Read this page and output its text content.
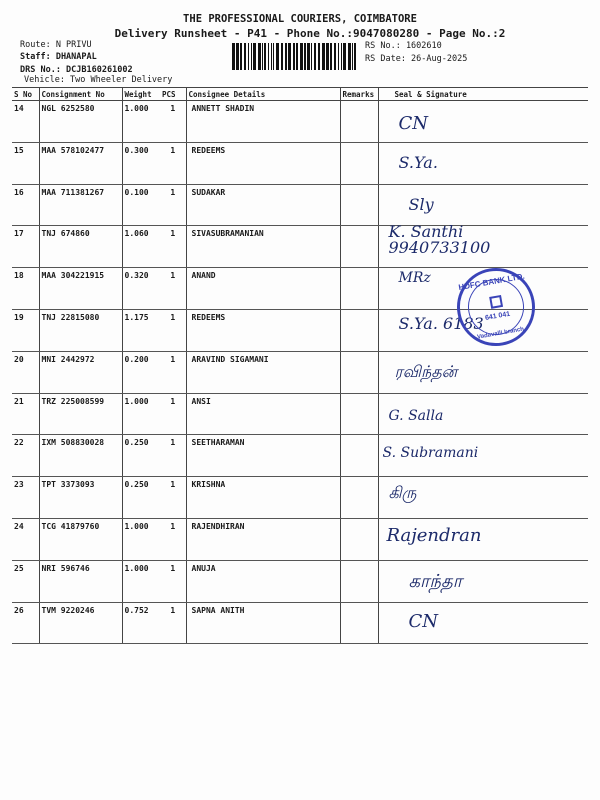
THE PROFESSIONAL COURIERS, COIMBATORE
Delivery Runsheet - P41 - Phone No.:9047080280 - Page No.:2
Route: N PRIVU
Staff: DHANAPAL
DRS No.: DCJB160261002
Vehicle: Two Wheeler Delivery
RS No.: 1602610
RS Date: 26-Aug-2025
S No	Consignment No	Weight	PCS	Consignee Details	Remarks	Seal & Signature
14	NGL 6252580	1.000	1	ANNETT SHADIN		CN

15	MAA 578102477	0.300	1	REDEEMS		S.Ya.

16	MAA 711381267	0.100	1	SUDAKAR		Sly

17	TNJ 674860	1.060	1	SIVASUBRAMANIAN		K. Santhi 9940733100

18	MAA 304221915	0.320	1	ANAND		MRz

19	TNJ 22815080	1.175	1	REDEEMS		S.Ya. 6183

20	MNI 2442972	0.200	1	ARAVIND SIGAMANI		ரவிந்தன்

21	TRZ 225008599	1.000	1	ANSI		G. Salla

22	IXM 508830028	0.250	1	SEETHARAMAN		S. Subramani

23	TPT 3373093	0.250	1	KRISHNA		கிரு

24	TCG 41879760	1.000	1	RAJENDHIRAN		Rajendran

25	NRI 596746	1.000	1	ANUJA		காந்தா

26	TVM 9220246	0.752	1	SAPNA ANITH		CN
HDFC BANK LTD.
641 041
Vadavalli branch
